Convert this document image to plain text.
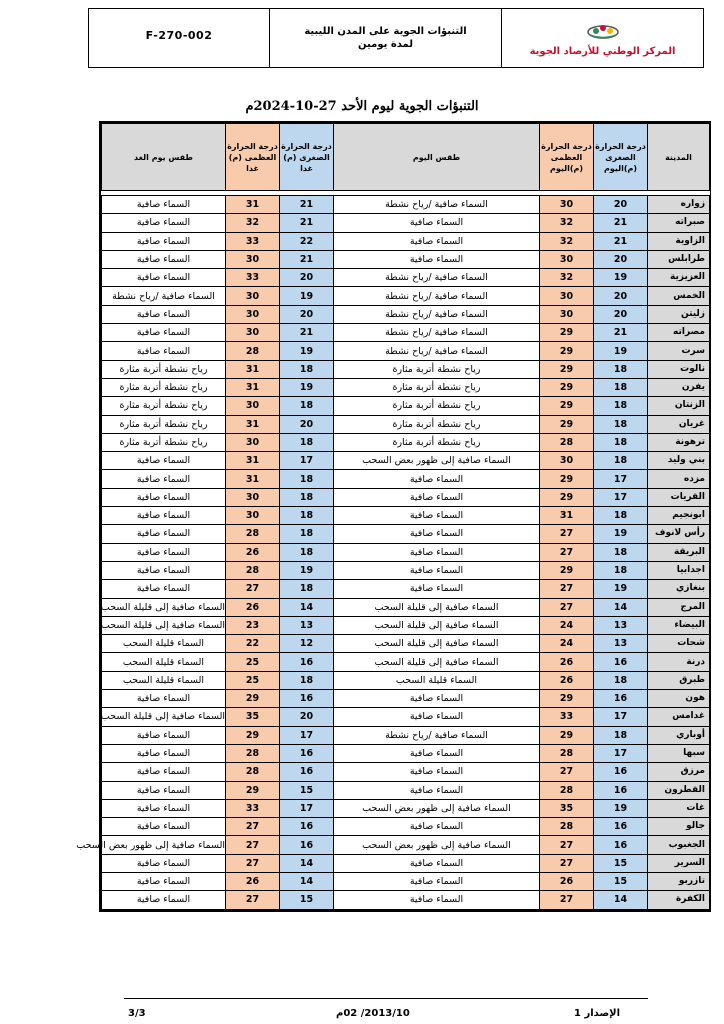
F-270-002	التنبؤات الجوية على المدن الليبية
لمدة يومين
المركز الوطني للأرصاد الجوية
التنبؤات الجوية ليوم الأحد 27-10-2024م
المدينة	درجة الحرارة الصغرى (م)اليوم	درجة الحرارة العظمى (م)اليوم	طقس اليوم	درجة الحرارة الصغرى (م) غدا	درجة الحرارة العظمى (م) غدا	طقس يوم الغد

زواره	20	30	السماء صافية /رياح نشطة	21	31	السماء صافية
صبراته	21	32	السماء صافية	21	32	السماء صافية
الزاوية	21	32	السماء صافية	22	33	السماء صافية
طرابلس	20	30	السماء صافية	21	30	السماء صافية
العزيزية	19	32	السماء صافية /رياح نشطة	20	33	السماء صافية
الخمس	20	30	السماء صافية /رياح نشطة	19	30	السماء صافية /رياح نشطة
زليتن	20	30	السماء صافية /رياح نشطة	20	30	السماء صافية
مصراته	21	29	السماء صافية /رياح نشطة	21	30	السماء صافية
سرت	19	29	السماء صافية /رياح نشطة	19	28	السماء صافية
نالوت	18	29	رياح نشطة أتربة مثارة	18	31	رياح نشطة أتربة مثارة
يفرن	18	29	رياح نشطة أتربة مثارة	19	31	رياح نشطة أتربة مثارة
الزنتان	18	29	رياح نشطة أتربة مثارة	18	30	رياح نشطة أتربة مثارة
غريان	18	29	رياح نشطة أتربة مثارة	20	31	رياح نشطة أتربة مثارة
ترهونة	18	28	رياح نشطة أتربة مثارة	18	30	رياح نشطة أتربة مثارة
بني وليد	18	30	السماء صافية إلى ظهور بعض السحب	17	31	السماء صافية
مزده	17	29	السماء صافية	18	31	السماء صافية
القريات	17	29	السماء صافية	18	30	السماء صافية
ابونجيم	18	31	السماء صافية	18	30	السماء صافية
رأس لانوف	19	27	السماء صافية	18	28	السماء صافية
البريقة	18	27	السماء صافية	18	26	السماء صافية
اجدابيا	18	29	السماء صافية	19	28	السماء صافية
بنغازي	19	27	السماء صافية	18	27	السماء صافية
المرج	14	27	السماء صافية إلى قليلة السحب	14	26	السماء صافية إلى قليلة السحب
البيضاء	13	24	السماء صافية إلى قليلة السحب	13	23	السماء صافية إلى قليلة السحب
شحات	13	24	السماء صافية إلى قليلة السحب	12	22	السماء قليلة السحب
درنة	16	26	السماء صافية إلى قليلة السحب	16	25	السماء قليلة السحب
طبرق	18	26	السماء قليلة السحب	18	25	السماء قليلة السحب
هون	16	29	السماء صافية	16	29	السماء صافية
غدامس	17	33	السماء صافية	20	35	السماء صافية إلى قليلة السحب
أوباري	18	29	السماء صافية /رياح نشطة	17	29	السماء صافية
سبها	17	28	السماء صافية	16	28	السماء صافية
مرزق	16	27	السماء صافية	16	28	السماء صافية
القطرون	16	28	السماء صافية	15	29	السماء صافية
غات	19	35	السماء صافية إلى ظهور بعض السحب	17	33	السماء صافية
جالو	16	28	السماء صافية	16	27	السماء صافية
الجغبوب	16	27	السماء صافية إلى ظهور بعض السحب	16	27	السماء صافية إلى ظهور بعض السحب
السرير	15	27	السماء صافية	14	27	السماء صافية
تازربو	15	26	السماء صافية	14	26	السماء صافية
الكفرة	14	27	السماء صافية	15	27	السماء صافية
الإصدار 1
2013/10/ 02م
3/3
